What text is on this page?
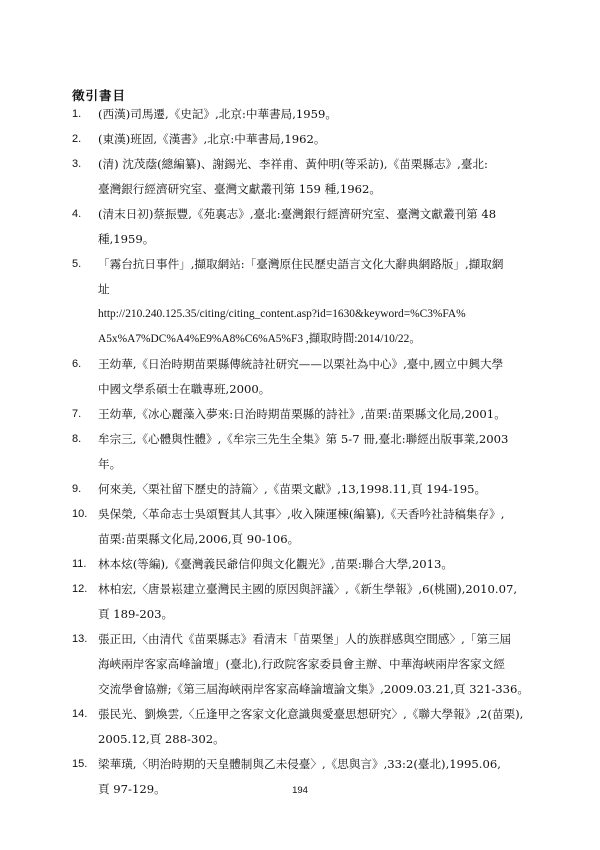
徵引書目
1.	(西漢)司馬遷,《史記》,北京:中華書局,1959。
2.	(東漢)班固,《漢書》,北京:中華書局,1962。
3.	(清) 沈茂蔭(總編纂)、謝錫光、李祥甫、黃仲明(等采訪),《苗栗縣志》,臺北:
臺灣銀行經濟研究室、臺灣文獻叢刊第 159 種,1962。
4.	(清末日初)蔡振豐,《苑裏志》,臺北:臺灣銀行經濟研究室、臺灣文獻叢刊第 48
種,1959。
5.	「霧台抗日事件」,擷取網站:「臺灣原住民歷史語言文化大辭典網路版」,擷取網
址
http://210.240.125.35/citing/citing_content.asp?id=1630&keyword=%C3%FA%
A5x%A7%DC%A4%E9%A8%C6%A5%F3 ,擷取時間:2014/10/22。
6.	王幼華,《日治時期苗栗縣傳統詩社研究——以栗社為中心》,臺中,國立中興大學
中國文學系碩士在職專班,2000。
7.	王幼華,《冰心麗藻入夢來:日治時期苗栗縣的詩社》,苗栗:苗栗縣文化局,2001。
8.	牟宗三,《心體與性體》,《牟宗三先生全集》第 5-7 冊,臺北:聯經出版事業,2003
年。
9.	何來美,〈栗社留下歷史的詩篇〉,《苗栗文獻》,13,1998.11,頁 194-195。
10. 吳保榮,〈革命志士吳頌賢其人其事〉,收入陳運棟(編纂),《天香吟社詩稿集存》,
苗栗:苗栗縣文化局,2006,頁 90-106。
11. 林本炫(等編),《臺灣義民爺信仰與文化觀光》,苗栗:聯合大學,2013。
12. 林柏宏,〈唐景崧建立臺灣民主國的原因與評議〉,《新生學報》,6(桃園),2010.07,
頁 189-203。
13. 張正田,〈由清代《苗栗縣志》看清末「苗栗堡」人的族群感與空間感〉,「第三屆
海峽兩岸客家高峰論壇」(臺北),行政院客家委員會主辦、中華海峽兩岸客家文經
交流學會協辦;《第三屆海峽兩岸客家高峰論壇論文集》,2009.03.21,頁 321-336。
14. 張民光、劉煥雲,〈丘逢甲之客家文化意識與愛臺思想研究〉,《聯大學報》,2(苗栗),
2005.12,頁 288-302。
15. 梁華璜,〈明治時期的天皇體制與乙未侵臺〉,《思與言》,33:2(臺北),1995.06,
頁 97-129。	194
